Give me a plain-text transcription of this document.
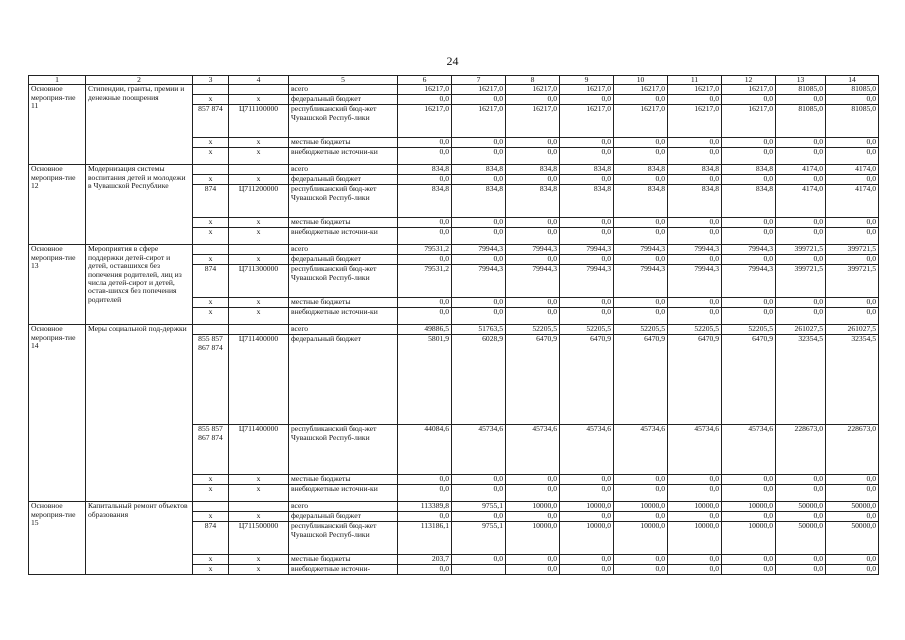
24
1	2	3	4	5	6	7	8	9	10	11	12	13	14
Основное мероприя-тие 11	Стипендии, гранты, премии и денежные поощрения			всего	16217,0	16217,0	16217,0	16217,0	16217,0	16217,0	16217,0	81085,0	81085,0
		x	x	федеральный бюджет	0,0	0,0	0,0	0,0	0,0	0,0	0,0	0,0	0,0
		857 874	Ц711100000	республиканский бюд-жет Чувашской Респуб-лики	16217,0	16217,0	16217,0	16217,0	16217,0	16217,0	16217,0	81085,0	81085,0
		x	x	местные бюджеты	0,0	0,0	0,0	0,0	0,0	0,0	0,0	0,0	0,0
		x	x	внебюджетные источни-ки	0,0	0,0	0,0	0,0	0,0	0,0	0,0	0,0	0,0
Основное мероприя-тие 12	Модернизация системы воспитания детей и молодежи в Чувашской Республике			всего	834,8	834,8	834,8	834,8	834,8	834,8	834,8	4174,0	4174,0
		x	x	федеральный бюджет	0,0	0,0	0,0	0,0	0,0	0,0	0,0	0,0	0,0
		874	Ц711200000	республиканский бюд-жет Чувашской Респуб-лики	834,8	834,8	834,8	834,8	834,8	834,8	834,8	4174,0	4174,0
		x	x	местные бюджеты	0,0	0,0	0,0	0,0	0,0	0,0	0,0	0,0	0,0
		x	x	внебюджетные источни-ки	0,0	0,0	0,0	0,0	0,0	0,0	0,0	0,0	0,0
Основное мероприя-тие 13	Мероприятия в сфере поддержки детей-сирот и детей, оставшихся без попечения родителей, лиц из числа детей-сирот и детей, остав-шихся без попечения родителей			всего	79531,2	79944,3	79944,3	79944,3	79944,3	79944,3	79944,3	399721,5	399721,5
		x	x	федеральный бюджет	0,0	0,0	0,0	0,0	0,0	0,0	0,0	0,0	0,0
		874	Ц711300000	республиканский бюд-жет Чувашской Респуб-лики	79531,2	79944,3	79944,3	79944,3	79944,3	79944,3	79944,3	399721,5	399721,5
		x	x	местные бюджеты	0,0	0,0	0,0	0,0	0,0	0,0	0,0	0,0	0,0
		x	x	внебюджетные источни-ки	0,0	0,0	0,0	0,0	0,0	0,0	0,0	0,0	0,0
Основное мероприя-тие 14	Меры социальной под-держки			всего	49886,5	51763,5	52205,5	52205,5	52205,5	52205,5	52205,5	261027,5	261027,5
		855 857 867 874	Ц711400000	федеральный бюджет	5801,9	6028,9	6470,9	6470,9	6470,9	6470,9	6470,9	32354,5	32354,5
		855 857 867 874	Ц711400000	республиканский бюд-жет Чувашской Респуб-лики	44084,6	45734,6	45734,6	45734,6	45734,6	45734,6	45734,6	228673,0	228673,0
		x	x	местные бюджеты	0,0	0,0	0,0	0,0	0,0	0,0	0,0	0,0	0,0
		x	x	внебюджетные источни-ки	0,0	0,0	0,0	0,0	0,0	0,0	0,0	0,0	0,0
Основное мероприя-тие 15	Капитальный ремонт объектов образования			всего	113389,8	9755,1	10000,0	10000,0	10000,0	10000,0	10000,0	50000,0	50000,0
		x	x	федеральный бюджет	0,0	0,0	0,0	0,0	0,0	0,0	0,0	0,0	0,0
		874	Ц711500000	республиканский бюд-жет Чувашской Респуб-лики	113186,1	9755,1	10000,0	10000,0	10000,0	10000,0	10000,0	50000,0	50000,0
		x	x	местные бюджеты	203,7	0,0	0,0	0,0	0,0	0,0	0,0	0,0	0,0
		x	x	внебюджетные источни-	0,0		0,0	0,0	0,0	0,0	0,0	0,0	0,0
